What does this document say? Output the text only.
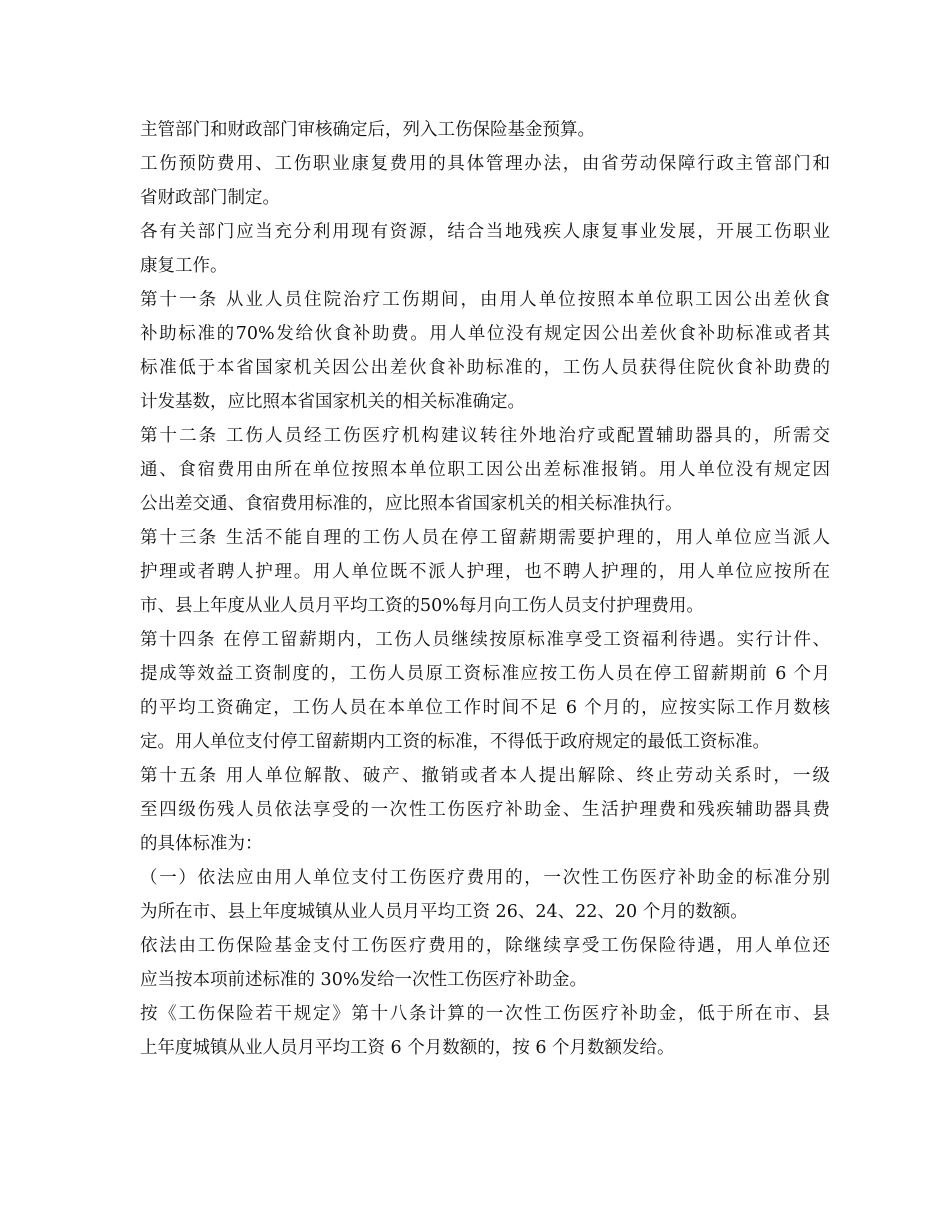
主管部门和财政部门审核确定后，列入工伤保险基金预算。
工伤预防费用、工伤职业康复费用的具体管理办法，由省劳动保障行政主管部门和
省财政部门制定。
各有关部门应当充分利用现有资源，结合当地残疾人康复事业发展，开展工伤职业
康复工作。
第十一条 从业人员住院治疗工伤期间，由用人单位按照本单位职工因公出差伙食
补助标准的70%发给伙食补助费。用人单位没有规定因公出差伙食补助标准或者其
标准低于本省国家机关因公出差伙食补助标准的，工伤人员获得住院伙食补助费的
计发基数，应比照本省国家机关的相关标准确定。
第十二条 工伤人员经工伤医疗机构建议转往外地治疗或配置辅助器具的，所需交
通、食宿费用由所在单位按照本单位职工因公出差标准报销。用人单位没有规定因
公出差交通、食宿费用标准的，应比照本省国家机关的相关标准执行。
第十三条 生活不能自理的工伤人员在停工留薪期需要护理的，用人单位应当派人
护理或者聘人护理。用人单位既不派人护理，也不聘人护理的，用人单位应按所在
市、县上年度从业人员月平均工资的50%每月向工伤人员支付护理费用。
第十四条 在停工留薪期内，工伤人员继续按原标准享受工资福利待遇。实行计件、
提成等效益工资制度的，工伤人员原工资标准应按工伤人员在停工留薪期前 6 个月
的平均工资确定，工伤人员在本单位工作时间不足 6 个月的，应按实际工作月数核
定。用人单位支付停工留薪期内工资的标准，不得低于政府规定的最低工资标准。
第十五条 用人单位解散、破产、撤销或者本人提出解除、终止劳动关系时，一级
至四级伤残人员依法享受的一次性工伤医疗补助金、生活护理费和残疾辅助器具费
的具体标准为：
（一）依法应由用人单位支付工伤医疗费用的，一次性工伤医疗补助金的标准分别
为所在市、县上年度城镇从业人员月平均工资 26、24、22、20 个月的数额。
依法由工伤保险基金支付工伤医疗费用的，除继续享受工伤保险待遇，用人单位还
应当按本项前述标准的 30%发给一次性工伤医疗补助金。
按《工伤保险若干规定》第十八条计算的一次性工伤医疗补助金，低于所在市、县
上年度城镇从业人员月平均工资 6 个月数额的，按 6 个月数额发给。
